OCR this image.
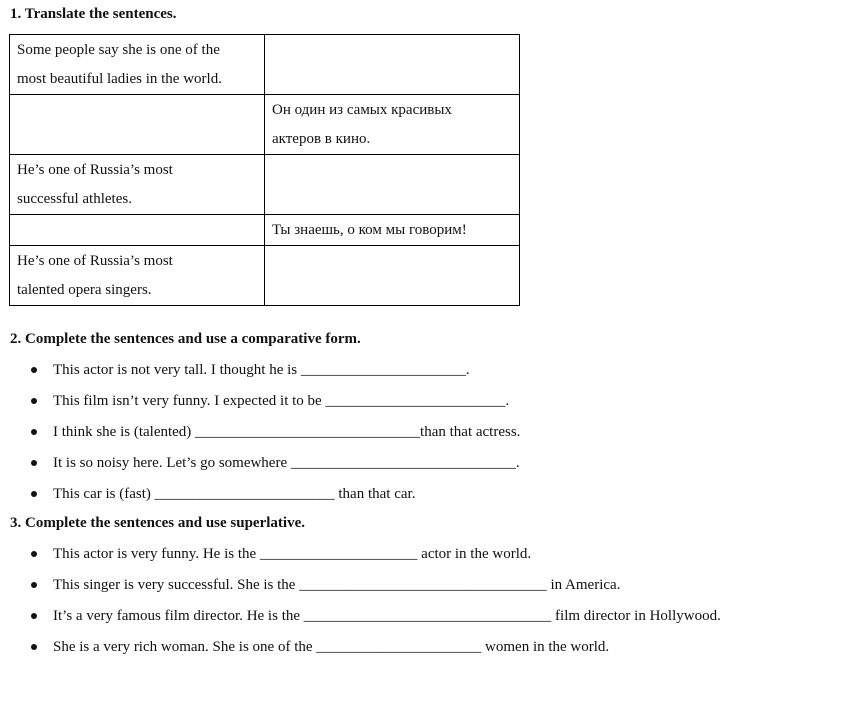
1. Translate the sentences.
Some people say she is one of the
most beautiful ladies in the world.	
	Он один из самых красивых
актеров в кино.
He’s one of Russia’s most
successful athletes.	
	Ты знаешь, о ком мы говорим!
He’s one of Russia’s most
talented opera singers.	
2. Complete the sentences and use a comparative form.
This actor is not very tall. I thought he is ______________________.
This film isn’t very funny. I expected it to be ________________________.
I think she is (talented) ______________________________than that actress.
It is so noisy here. Let’s go somewhere ______________________________.
This car is (fast) ________________________ than that car.
3. Complete the sentences and use superlative.
This actor is very funny. He is the _____________________ actor in the world.
This singer is very successful. She is the _________________________________ in America.
It’s a very famous film director. He is the _________________________________ film director in Hollywood.
She is a very rich woman. She is one of the ______________________ women in the world.
